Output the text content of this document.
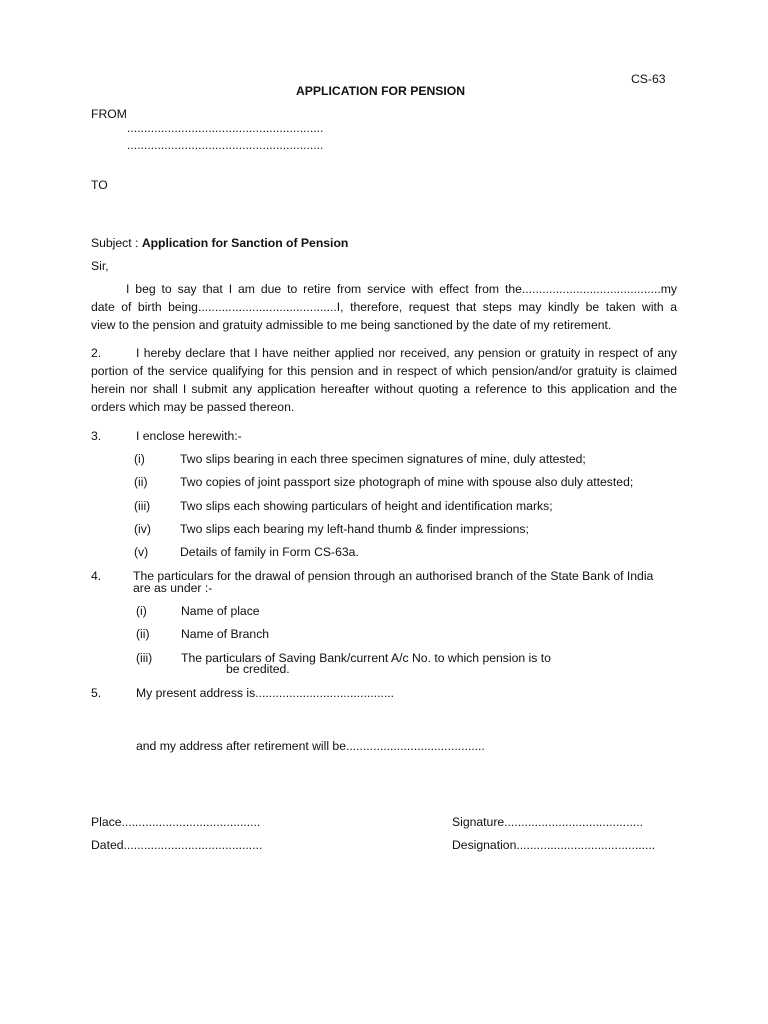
CS-63
APPLICATION FOR PENSION
FROM
..........................................................
..........................................................
TO
Subject : Application for Sanction of Pension
Sir,
I beg to say that I am due to retire from service with effect from the.........................................my
date of birth being.........................................I, therefore, request that steps may kindly be taken with a
view to the pension and gratuity admissible to me being sanctioned by the date of my retirement.
2.	I hereby declare that I have neither applied nor received, any pension or gratuity in respect of any
portion of the service qualifying for this pension and in respect of which pension/and/or gratuity is claimed
herein nor shall I submit any application hereafter without quoting a reference to this application and the
orders which may be passed thereon.
3.	I enclose herewith:-
(i)	Two slips bearing in each three specimen signatures of mine, duly attested;
(ii)	Two copies of joint passport size photograph of mine with spouse also duly attested;
(iii) Two slips each showing particulars of height and identification marks;
(iv) Two slips each bearing my left-hand thumb & finder impressions;
(v)	Details of family in Form CS-63a.
4.	The particulars for the drawal of pension through an authorised branch of the State Bank of India
are as under :-
(i)	Name of place
(ii)	Name of Branch
(iii) The particulars of Saving Bank/current A/c No. to which pension is to
be credited.
5.	My present address is.........................................
and my address after retirement will be.........................................
Place.........................................
Dated.........................................
Signature.........................................
Designation.........................................
